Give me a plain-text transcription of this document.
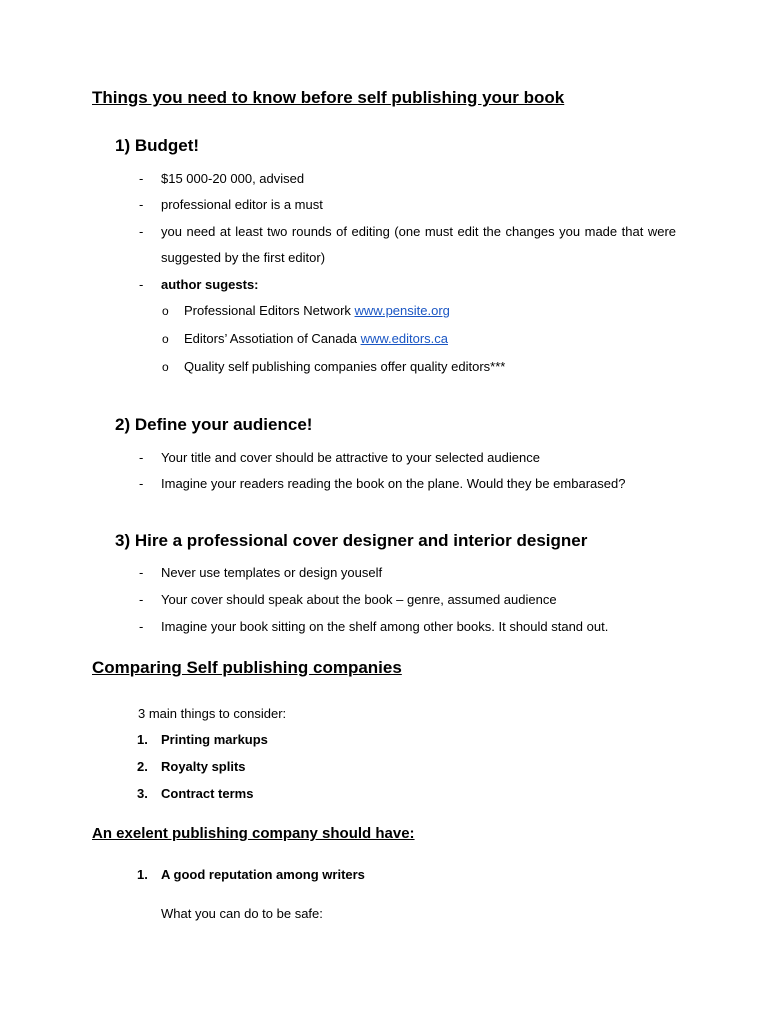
Things you need to know before self publishing your book
1) Budget!
- $15 000-20 000, advised
- professional editor is a must
- you need at least two rounds of editing (one must edit the changes you made that were suggested by the first editor)
- author sugests:
o Professional Editors Network www.pensite.org
o Editors’ Assotiation of Canada www.editors.ca
o Quality self publishing companies offer quality editors***
2) Define your audience!
- Your title and cover should be attractive to your selected audience
- Imagine your readers reading the book on the plane. Would they be embarased?
3) Hire a professional cover designer and interior designer
- Never use templates or design youself
- Your cover should speak about the book – genre, assumed audience
- Imagine your book sitting on the shelf among other books. It should stand out.
Comparing Self publishing companies
3 main things to consider:
1. Printing markups
2. Royalty splits
3. Contract terms
An exelent publishing company should have:
1. A good reputation among writers
What you can do to be safe:
